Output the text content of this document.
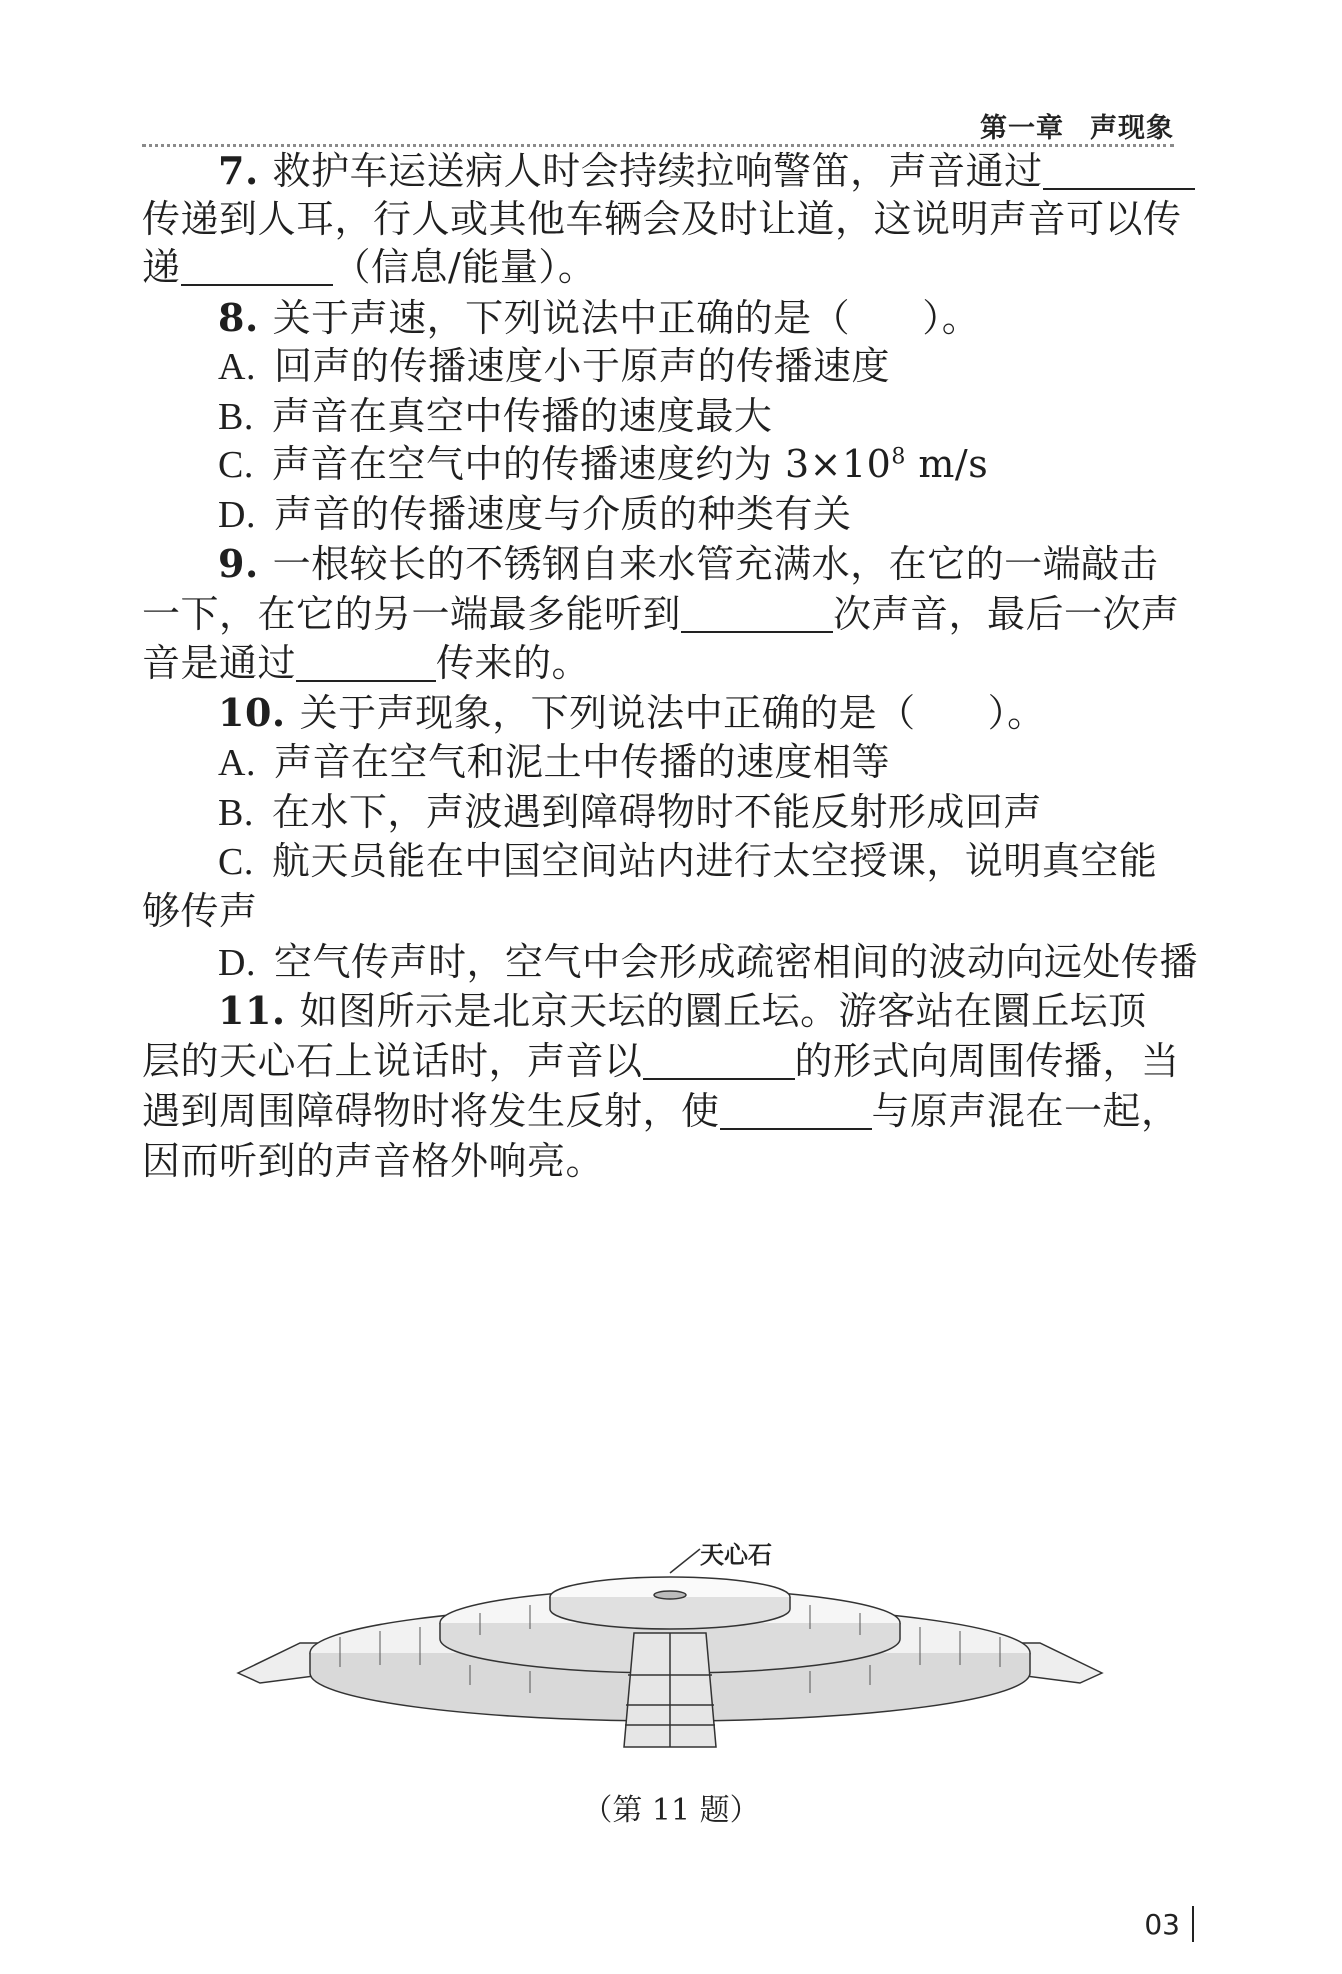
第一章 声现象
7. 救护车运送病人时会持续拉响警笛，声音通过
传递到人耳，行人或其他车辆会及时让道，这说明声音可以传
递	（信息/能量）。
8. 关于声速，下列说法中正确的是（ ）。
A. 回声的传播速度小于原声的传播速度
B. 声音在真空中传播的速度最大
C. 声音在空气中的传播速度约为 $3\times 10^8$ m/s
D. 声音的传播速度与介质的种类有关
9. 一根较长的不锈钢自来水管充满水，在它的一端敲击
一下，在它的另一端最多能听到	次声音，最后一次声
音是通过	传来的。
10. 关于声现象，下列说法中正确的是（ ）。
A. 声音在空气和泥土中传播的速度相等
B. 在水下，声波遇到障碍物时不能反射形成回声
C. 航天员能在中国空间站内进行太空授课，说明真空能
够传声
D. 空气传声时，空气中会形成疏密相间的波动向远处传播
11. 如图所示是北京天坛的圜丘坛。游客站在圜丘坛顶
层的天心石上说话时，声音以	的形式向周围传播，当
遇到周围障碍物时将发生反射，使	与原声混在一起，
因而听到的声音格外响亮。
天心石
（第 11 题）
03
